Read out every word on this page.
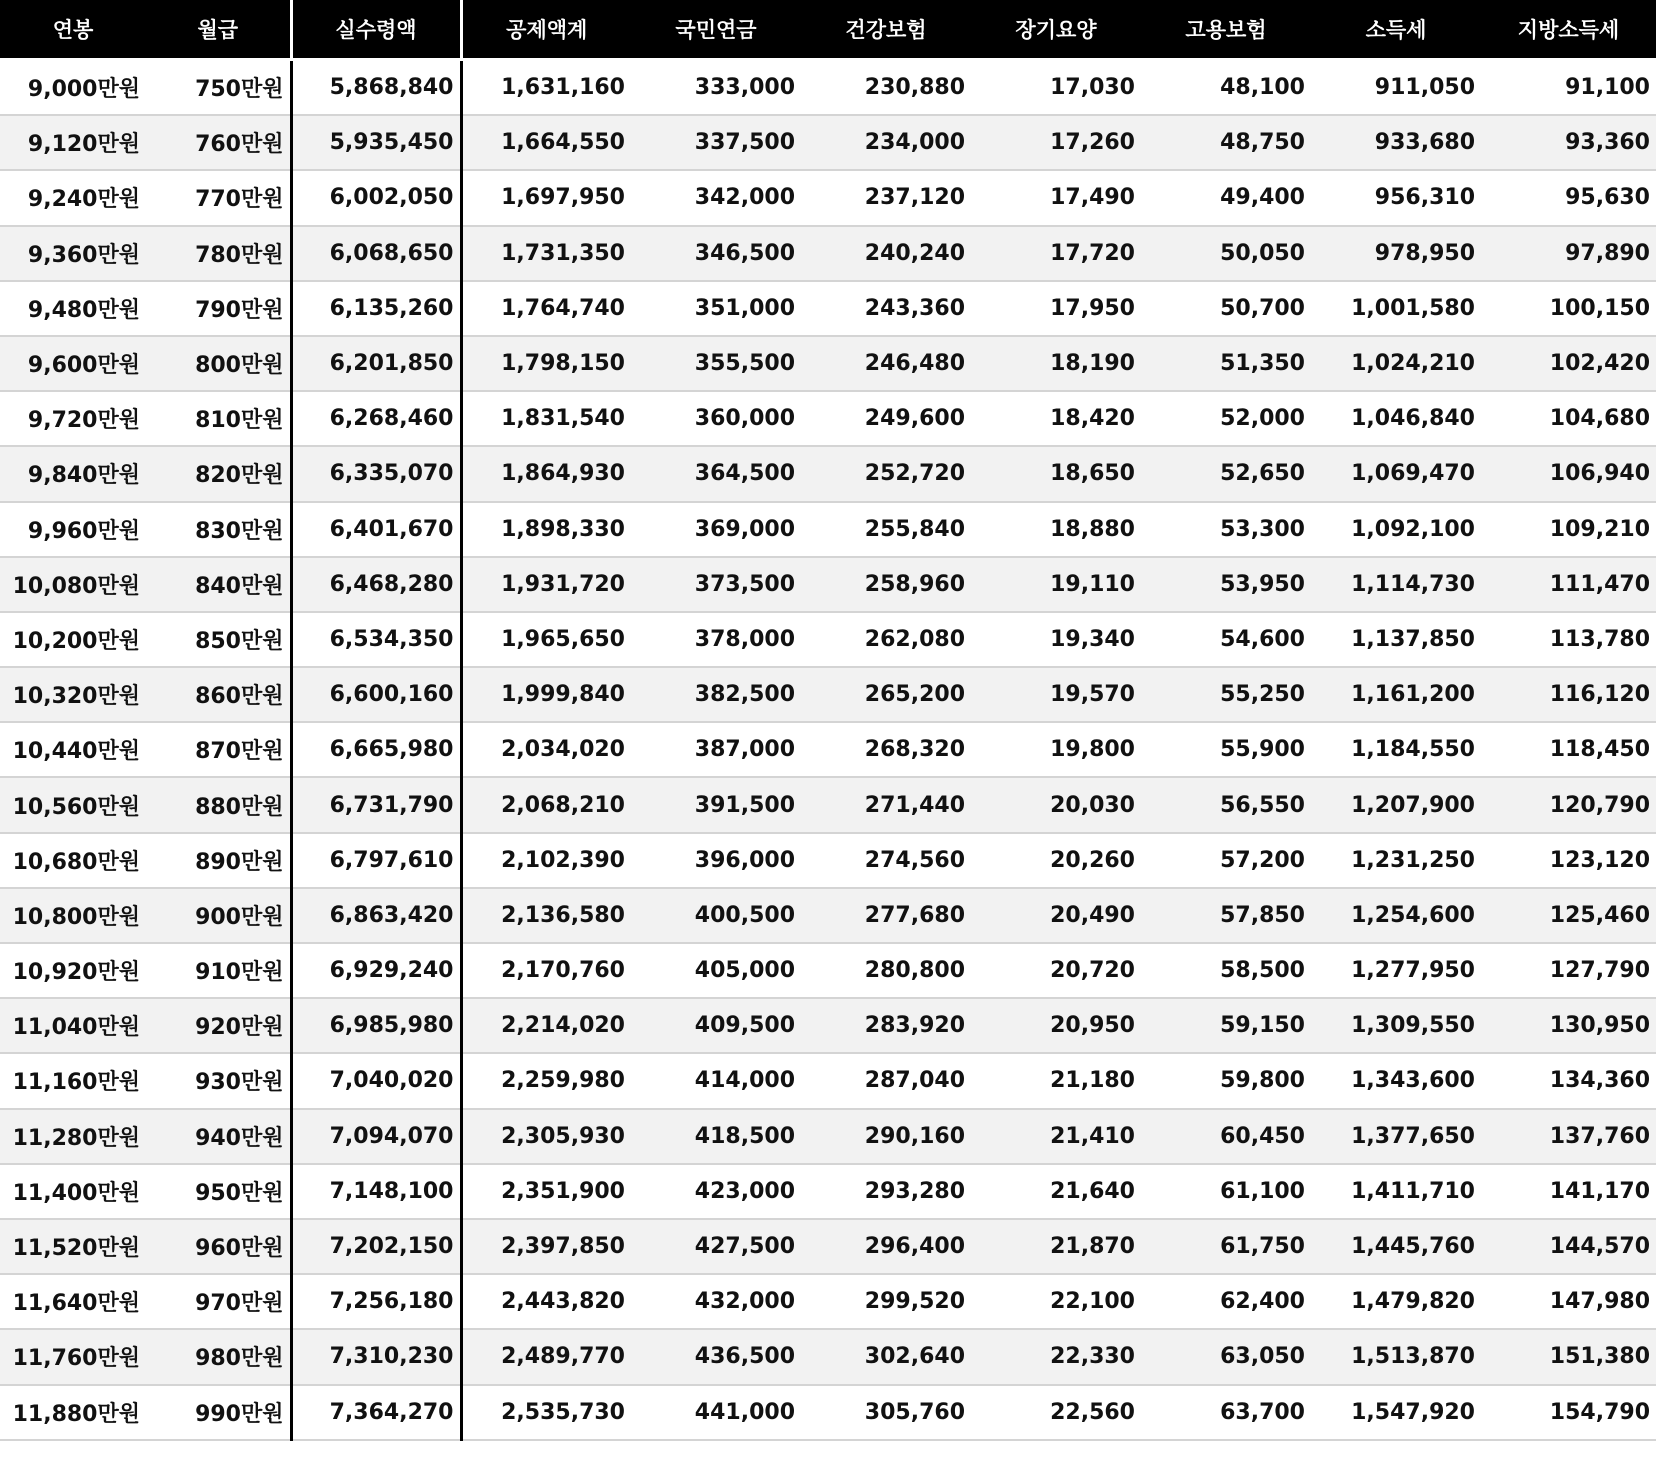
연봉	월급	실수령액	공제액계	국민연금	건강보험	장기요양	고용보험	소득세	지방소득세
9,000만원	750만원	5,868,840	1,631,160	333,000	230,880	17,030	48,100	911,050	91,100
9,120만원	760만원	5,935,450	1,664,550	337,500	234,000	17,260	48,750	933,680	93,360
9,240만원	770만원	6,002,050	1,697,950	342,000	237,120	17,490	49,400	956,310	95,630
9,360만원	780만원	6,068,650	1,731,350	346,500	240,240	17,720	50,050	978,950	97,890
9,480만원	790만원	6,135,260	1,764,740	351,000	243,360	17,950	50,700	1,001,580	100,150
9,600만원	800만원	6,201,850	1,798,150	355,500	246,480	18,190	51,350	1,024,210	102,420
9,720만원	810만원	6,268,460	1,831,540	360,000	249,600	18,420	52,000	1,046,840	104,680
9,840만원	820만원	6,335,070	1,864,930	364,500	252,720	18,650	52,650	1,069,470	106,940
9,960만원	830만원	6,401,670	1,898,330	369,000	255,840	18,880	53,300	1,092,100	109,210
10,080만원	840만원	6,468,280	1,931,720	373,500	258,960	19,110	53,950	1,114,730	111,470
10,200만원	850만원	6,534,350	1,965,650	378,000	262,080	19,340	54,600	1,137,850	113,780
10,320만원	860만원	6,600,160	1,999,840	382,500	265,200	19,570	55,250	1,161,200	116,120
10,440만원	870만원	6,665,980	2,034,020	387,000	268,320	19,800	55,900	1,184,550	118,450
10,560만원	880만원	6,731,790	2,068,210	391,500	271,440	20,030	56,550	1,207,900	120,790
10,680만원	890만원	6,797,610	2,102,390	396,000	274,560	20,260	57,200	1,231,250	123,120
10,800만원	900만원	6,863,420	2,136,580	400,500	277,680	20,490	57,850	1,254,600	125,460
10,920만원	910만원	6,929,240	2,170,760	405,000	280,800	20,720	58,500	1,277,950	127,790
11,040만원	920만원	6,985,980	2,214,020	409,500	283,920	20,950	59,150	1,309,550	130,950
11,160만원	930만원	7,040,020	2,259,980	414,000	287,040	21,180	59,800	1,343,600	134,360
11,280만원	940만원	7,094,070	2,305,930	418,500	290,160	21,410	60,450	1,377,650	137,760
11,400만원	950만원	7,148,100	2,351,900	423,000	293,280	21,640	61,100	1,411,710	141,170
11,520만원	960만원	7,202,150	2,397,850	427,500	296,400	21,870	61,750	1,445,760	144,570
11,640만원	970만원	7,256,180	2,443,820	432,000	299,520	22,100	62,400	1,479,820	147,980
11,760만원	980만원	7,310,230	2,489,770	436,500	302,640	22,330	63,050	1,513,870	151,380
11,880만원	990만원	7,364,270	2,535,730	441,000	305,760	22,560	63,700	1,547,920	154,790
